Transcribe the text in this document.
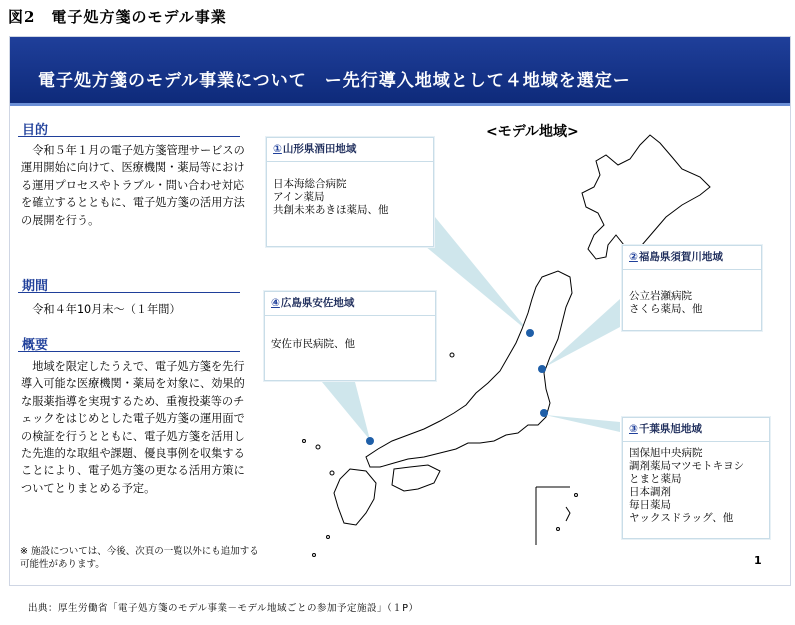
図2　電子処方箋のモデル事業
電子処方箋のモデル事業について　ー先行導入地域として４地域を選定ー
目的
令和５年１月の電子処方箋管理サービスの運用開始に向けて、医療機関・薬局等における運用プロセスやトラブル・問い合わせ対応を確立するとともに、電子処方箋の活用方法の展開を行う。
期間
令和４年10月末～（１年間）
概要
地域を限定したうえで、電子処方箋を先行導入可能な医療機関・薬局を対象に、効果的な服薬指導を実現するため、重複投薬等のチェックをはじめとした電子処方箋の運用面での検証を行うとともに、電子処方箋を活用した先進的な取組や課題、優良事例を収集することにより、電子処方箋の更なる活用方策についてとりまとめる予定。
※ 施設については、今後、次頁の一覧以外にも追加する可能性があります。
<モデル地域>
①山形県酒田地域
日本海総合病院
アイン薬局
共創未来あきほ薬局、他
②福島県須賀川地域
公立岩瀬病院
さくら薬局、他
③千葉県旭地域
国保旭中央病院
調剤薬局マツモトキヨシ
とまと薬局
日本調剤
毎日薬局
ヤックスドラッグ、他
④広島県安佐地域
安佐市民病院、他
1
出典：厚生労働省「電子処方箋のモデル事業－モデル地域ごとの参加予定施設」（１P）
